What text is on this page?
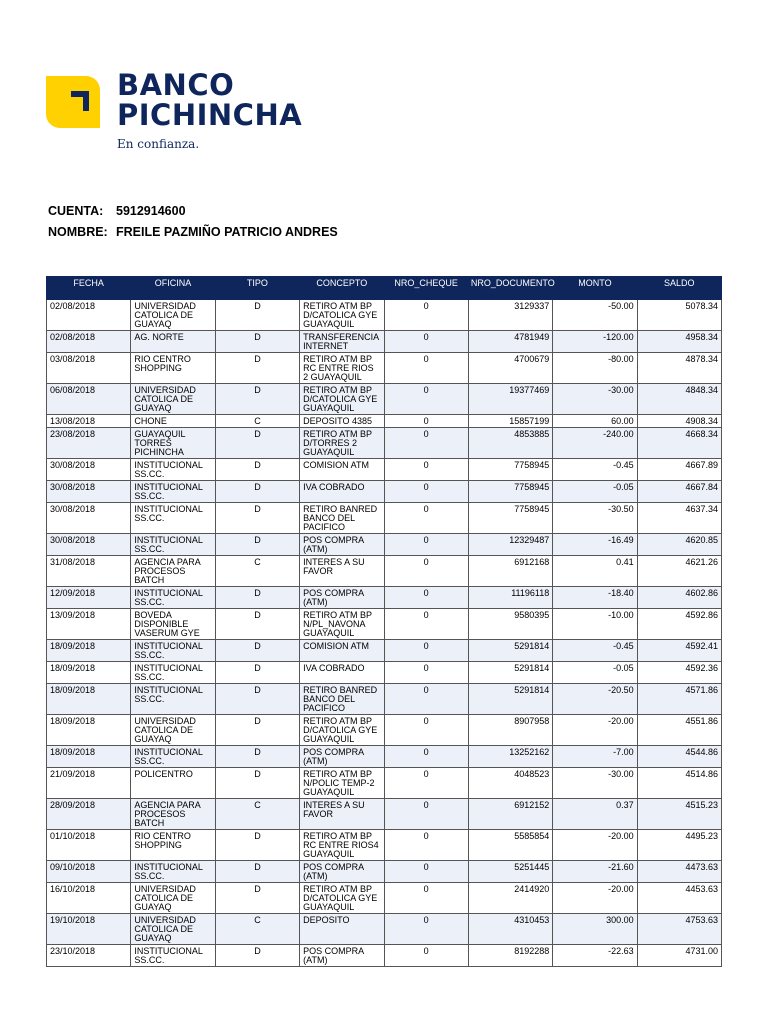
BANCO
PICHINCHA
En confianza.
CUENTA: 5912914600
NOMBRE: FREILE PAZMIÑO PATRICIO ANDRES
FECHA	OFICINA	TIPO	CONCEPTO	NRO_CHEQUE	NRO_DOCUMENTO	MONTO	SALDO
02/08/2018	UNIVERSIDAD CATOLICA DE GUAYAQ	D	RETIRO ATM BP D/CATOLICA GYE GUAYAQUIL	0	3129337	-50.00	5078.34
02/08/2018	AG. NORTE	D	TRANSFERENCIA INTERNET	0	4781949	-120.00	4958.34
03/08/2018	RIO CENTRO SHOPPING	D	RETIRO ATM BP RC ENTRE RIOS 2 GUAYAQUIL	0	4700679	-80.00	4878.34
06/08/2018	UNIVERSIDAD CATOLICA DE GUAYAQ	D	RETIRO ATM BP D/CATOLICA GYE GUAYAQUIL	0	19377469	-30.00	4848.34
13/08/2018	CHONE	C	DEPOSITO 4385	0	15857199	60.00	4908.34
23/08/2018	GUAYAQUIL TORRES PICHINCHA	D	RETIRO ATM BP D/TORRES 2 GUAYAQUIL	0	4853885	-240.00	4668.34
30/08/2018	INSTITUCIONAL SS.CC.	D	COMISION ATM	0	7758945	-0.45	4667.89
30/08/2018	INSTITUCIONAL SS.CC.	D	IVA COBRADO	0	7758945	-0.05	4667.84
30/08/2018	INSTITUCIONAL SS.CC.	D	RETIRO BANRED BANCO DEL PACIFICO	0	7758945	-30.50	4637.34
30/08/2018	INSTITUCIONAL SS.CC.	D	POS COMPRA (ATM)	0	12329487	-16.49	4620.85
31/08/2018	AGENCIA PARA PROCESOS BATCH	C	INTERES A SU FAVOR	0	6912168	0.41	4621.26
12/09/2018	INSTITUCIONAL SS.CC.	D	POS COMPRA (ATM)	0	11196118	-18.40	4602.86
13/09/2018	BOVEDA DISPONIBLE VASERUM GYE	D	RETIRO ATM BP N/PL_NAVONA GUAYAQUIL	0	9580395	-10.00	4592.86
18/09/2018	INSTITUCIONAL SS.CC.	D	COMISION ATM	0	5291814	-0.45	4592.41
18/09/2018	INSTITUCIONAL SS.CC.	D	IVA COBRADO	0	5291814	-0.05	4592.36
18/09/2018	INSTITUCIONAL SS.CC.	D	RETIRO BANRED BANCO DEL PACIFICO	0	5291814	-20.50	4571.86
18/09/2018	UNIVERSIDAD CATOLICA DE GUAYAQ	D	RETIRO ATM BP D/CATOLICA GYE GUAYAQUIL	0	8907958	-20.00	4551.86
18/09/2018	INSTITUCIONAL SS.CC.	D	POS COMPRA (ATM)	0	13252162	-7.00	4544.86
21/09/2018	POLICENTRO	D	RETIRO ATM BP N/POLIC TEMP-2 GUAYAQUIL	0	4048523	-30.00	4514.86
28/09/2018	AGENCIA PARA PROCESOS BATCH	C	INTERES A SU FAVOR	0	6912152	0.37	4515.23
01/10/2018	RIO CENTRO SHOPPING	D	RETIRO ATM BP RC ENTRE RIOS4 GUAYAQUIL	0	5585854	-20.00	4495.23
09/10/2018	INSTITUCIONAL SS.CC.	D	POS COMPRA (ATM)	0	5251445	-21.60	4473.63
16/10/2018	UNIVERSIDAD CATOLICA DE GUAYAQ	D	RETIRO ATM BP D/CATOLICA GYE GUAYAQUIL	0	2414920	-20.00	4453.63
19/10/2018	UNIVERSIDAD CATOLICA DE GUAYAQ	C	DEPOSITO	0	4310453	300.00	4753.63
23/10/2018	INSTITUCIONAL SS.CC.	D	POS COMPRA (ATM)	0	8192288	-22.63	4731.00
